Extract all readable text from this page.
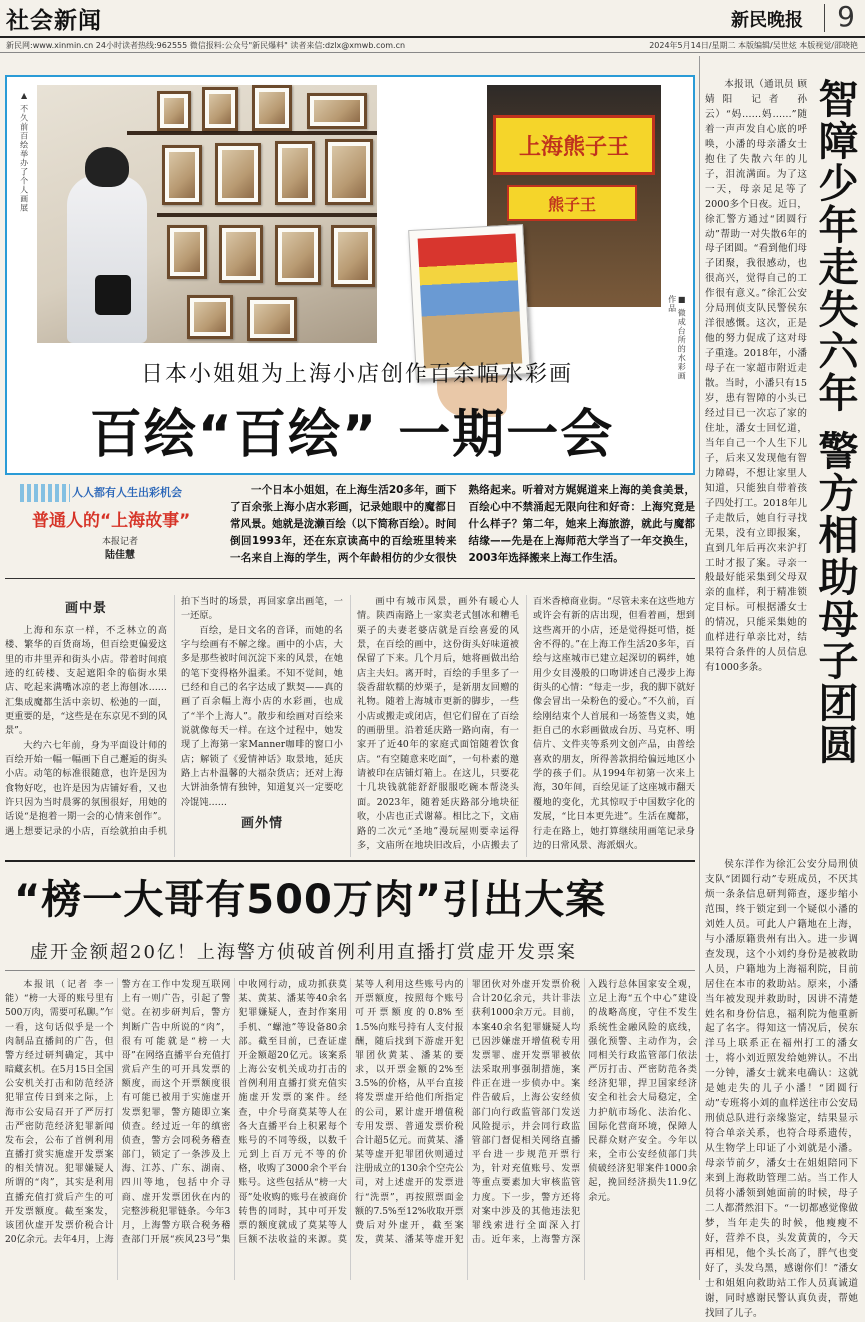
社会新闻	新民晚报 9
新民网:www.xinmin.cn 24小时读者热线:962555 微信报料:公众号"新民爆料" 读者来信:dzlx@xmwb.com.cn	2024年5月14日/星期二 本版编辑/吴世炫 本版视觉/邵晓艳
▲ 不久前百绘举办了个人画展	上海熊子王
熊子王
■ 微成台所的水彩画作品
日本小姐姐为上海小店创作百余幅水彩画
百绘“百绘” 一期一会
人人都有人生出彩机会
普通人的“上海故事”
本报记者
陆佳慧

一个日本小姐姐，在上海生活20多年，画下了百余张上海小店水彩画，记录她眼中的魔都日常风景。她就是泷濑百绘（以下简称百绘）。时间倒回1993年，还在东京读高中的百绘班里转来一名来自上海的学生，两个年龄相仿的少女很快熟络起来。听着对方娓娓道来上海的美食美景，百绘心中不禁涌起无限向往和好奇：上海究竟是什么样子？第二年，她来上海旅游，就此与魔都结缘——先是在上海师范大学当了一年交换生，2003年选择搬来上海工作生活。

画中景

上海和东京一样，不乏林立的高楼、繁华的百货商场，但百绘更偏爱这里的市井里弄和街头小店。带着时间痕迹的红砖楼、支起遮阳伞的临街水果店、吃起来满嘴冰凉的老上海刨冰……汇集成魔都生活中亲切、松弛的一面，更重要的是，“这些是在东京见不到的风景”。

大约六七年前，身为平面设计师的百绘开始一幅一幅画下自己邂逅的街头小店。动笔的标准很随意，也许是因为食物好吃，也许是因为店铺好看，又也许只因为当时晨雾的氛围很好，用她的话说“是抱着一期一会的心情来创作”。遇上想要记录的小店，百绘就拍由手机拍下当时的场景，再回家拿出画笔，一一还原。

百绘，是日文名的音译，而她的名字与绘画有不解之缘。画中的小店，大多是那些被时间沉淀下来的风景，在她的笔下变得格外温柔。不知不觉间，她已经和自己的名字达成了默契——真的画了百余幅上海小店的水彩画，也成了“半个上海人”。散步和绘画对百绘来说就像每天一样。在这个过程中，她发现了上海第一家Manner咖啡的窗口小店；解锁了《爱情神话》取景地，延庆路上古朴温馨的大福杂货店；还对上海大饼油条情有独钟，知道复兴一定要吃冷馄饨……

画外情

画中有城市风景，画外有暖心人情。陕西南路上一家卖老式刨冰和糟毛栗子的夫妻老婆店就是百绘喜爱的风景，在百绘的画中，这份街头好味道被保留了下来。几个月后，她将画做出给店主夫妇。离开时，百绘的手里多了一袋香甜软糯的炒栗子，是新朋友回赠的礼物。随着上海城市更新的脚步，一些小店或搬走或闭店，但它们留在了百绘的画册里。沿着延庆路一路向南，有一家开了近40年的家庭式面馆随着饮食店。“有空随意来吃面”，一句朴素的邀请被印在店铺灯箱上。在这儿，只要花十几块钱就能舒舒服服吃碗本帮浇头面。2023年，随着延庆路部分地块征收，小店也正式谢幕。相比之下，文庙路的二次元“圣地”漫玩屋则要幸运得多，文庙所在地块旧改后，小店搬去了百米香樟商业街。“尽管未来在这些地方或许会有新的店出现，但看着画，想到这些离开的小店，还是觉得挺可惜，挺舍不得的。”在上海工作生活20多年，百绘与这座城市已建立起深切的羁绊，她用少女目漫般的口吻讲述自己漫步上海街头的心情：“每走一步，我的脚下就好像会冒出一朵粉色的爱心。”不久前，百绘刚结束个人首展和一场签售义卖，她拒自己的水彩画做成台历、马克杯、明信片、文件夹等系列文创产品，由普绘喜欢的朋友，所得善款捐给偏远地区小学的孩子们。从1994年初第一次来上海，30年间，百绘见证了这座城市翻天覆地的变化，尤其惊叹于中国数字化的发展，“比日本更先进”。生活在魔都，行走在路上，她打算继续用画笔记录身边的日常风景、海派烟火。

本报讯（通讯员 顾婧阳 记者 孙云）“妈……妈……”随着一声声发自心底的呼唤，小潘的母亲潘女士抱住了失散六年的儿子，泪流满面。为了这一天，母亲足足等了2000多个日夜。近日，徐汇警方通过“团圆行动”帮助一对失散6年的母子团圆。“看到他们母子团聚，我很感动，也很高兴，觉得自己的工作很有意义。”徐汇公安分局刑侦支队民警侯东洋很感慨。这次，正是他的努力促成了这对母子重逢。2018年，小潘母子在一家超市附近走散。当时，小潘只有15岁，患有智障的小头已经过目已一次忘了家的住址，潘女士回忆道，当年自己一个人生下儿子，后来又发现他有智力障碍，不想让家里人知道，只能独自带着孩子四处打工。2018年儿子走散后，她自行寻找无果，没有立即报案，直到几年后再次来沪打工时才报了案。寻亲一般最好能采集到父母双亲的血样，利于精准锁定目标。可根据潘女士的情况，只能采集她的血样进行单亲比对，结果符合条件的人员信息有1000多条。	智障少年走失六年 警方相助母子团圆

侯东洋作为徐汇公安分局刑侦支队“团圆行动”专班成员，不厌其烦一条条信息研判筛查，逐步缩小范围，终于锁定到一个疑似小潘的刘姓人员。可此人户籍地在上海，与小潘原籍贵州有出入。进一步调查发现，这个小刘约身份是被救助人员，户籍地为上海福利院，目前居住在本市的救助站。原来，小潘当年被发现并救助时，因讲不清楚姓名和身份信息，福利院为他重新起了名字。得知这一情况后，侯东洋马上联系正在福州打工的潘女士，将小刘近照发给她辨认。不出一分钟，潘女士就来电确认：这就是她走失的儿子小潘！“团圆行动”专班将小刘的血样送往市公安局刑侦总队进行亲缘鉴定，结果显示符合单亲关系，也符合母系遗传，从生物学上印证了小刘就是小潘。母亲节前夕，潘女士在姐姐陪同下来到上海救助管理二站。当工作人员将小潘领到她面前的时候，母子二人都潸然泪下。“一切都感觉像做梦，当年走失的时候，他瘦瘦不好，营养不良，头发黄黄的，今天再相见，他个头长高了，胖气也变好了，头发乌黑，感谢你们！”潘女士和姐姐向救助站工作人员真诚道谢，同时感谢民警认真负责，帮她找回了儿子。

“榜一大哥有500万肉”引出大案
虚开金额超20亿！上海警方侦破首例利用直播打赏虚开发票案

本报讯（记者 李一能）“榜一大哥的账号里有500万肉，需要可私聊。”乍一看，这句话似乎是一个肉制品直播间的广告，但警方经过研判确定，其中暗藏玄机。在5月15日全国公安机关打击和防范经济犯罪宣传日到来之际，上海市公安局召开了严厉打击严密防范经济犯罪新闻发布会，公布了首例利用直播打赏实施虚开发票案的相关情况。犯罪嫌疑人所谓的“肉”，其实是利用直播充值打赏后产生的可开发票额度。截至案发，该团伙虚开发票价税合计20亿余元。去年4月，上海警方在工作中发现互联网上有一则广告，引起了警觉。在初步研判后，警方判断广告中所说的“肉”，很有可能就是“榜一大哥”在网络直播平台充值打赏后产生的可开具发票的额度，而这个开票额度很有可能已被用于实施虚开发票犯罪，警方随即立案侦查。经过近一年的缜密侦查，警方会同税务稽查部门，锁定了一条涉及上海、江苏、广东、湖南、四川等地，包括中介寻商、虚开发票团伙在内的完整涉税犯罪链条。今年3月，上海警方联合税务稽查部门开展“疾风23号”集中收网行动，成功抓获莫某、黄某、潘某等40余名犯罪嫌疑人，查封作案用手机、“螺池”等设备80余部。截至目前，已查证虚开金额超20亿元。该案系上海公安机关成功打击的首例利用直播打赏充值实施虚开发票的案件。经查，中介号商莫某等人在各大直播平台上积累每个账号的不同等级，以数千元到上百万元不等的价格，收购了3000余个平台账号。这些包括从“榜一大哥”处收购的账号在被商价转售的同时，其中可开发票的额度就成了莫某等人巨额不法收益的来源。莫某等人利用这些账号内的开票额度，按照每个账号可开票额度的0.8%至1.5%向账号持有人支付报酬，随后找到下游虚开犯罪团伙黄某、潘某的要求，以开票金额的2%至3.5%的价格，从平台直接将发票虚开给他们所指定的公司，累计虚开增值税专用发票、普通发票价税合计超5亿元。而黄某、潘某等虚开犯罪团伙则通过注册成立的130余个空壳公司，对上述虚开的发票进行“洗票”，再按照票面金额的7.5%至12%收取开票费后对外虚开，截至案发，黄某、潘某等虚开犯罪团伙对外虚开发票价税合计20亿余元，共计非法获利1000余万元。目前，本案40余名犯罪嫌疑人均已因涉嫌虚开增值税专用发票罪、虚开发票罪被依法采取刑事强制措施，案件正在进一步侦办中。案件告破后，上海公安经侦部门向行政监管部门发送风险提示，并会同行政监管部门督促相关网络直播平台进一步规范开票行为，针对充值账号、发票等重点要素加大审核监管力度。下一步，警方还将对案中涉及的其他违法犯罪线索进行全面深入打击。近年来，上海警方深入践行总体国家安全观，立足上海“五个中心”建设的战略高度，守住不发生系统性金融风险的底线，强化预警、主动作为，会同相关行政监管部门依法严厉打击、严密防范各类经济犯罪，捍卫国家经济安全和社会大局稳定，全力护航市场化、法治化、国际化营商环境，保障人民群众财产安全。今年以来，全市公安经侦部门共侦破经济犯罪案件1000余起，挽回经济损失11.9亿余元。
